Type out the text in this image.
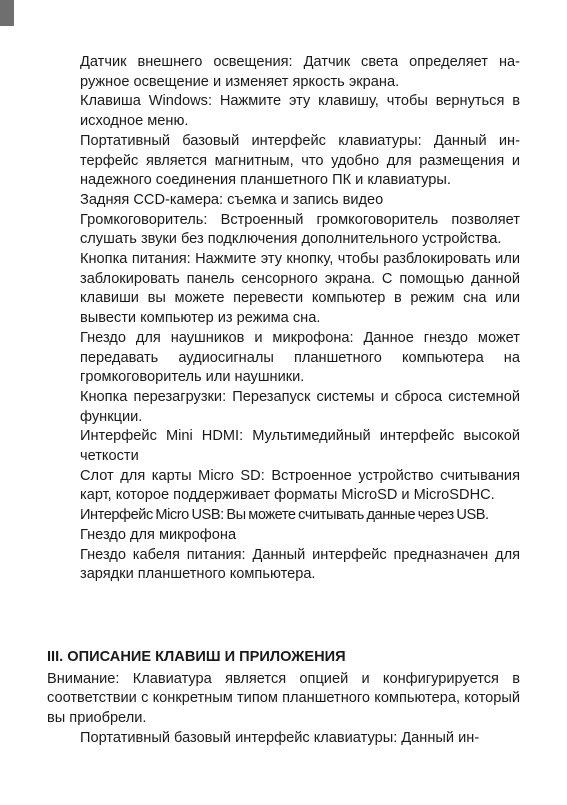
Датчик внешнего освещения: Датчик света определяет наружное освещение и изменяет яркость экрана.

Клавиша Windows: Нажмите эту клавишу, чтобы вернуться в исходное меню.

Портативный базовый интерфейс клавиатуры: Данный интерфейс является магнитным, что удобно для размещения и надежного соединения планшетного ПК и клавиатуры.

Задняя CCD-камера: съемка и запись видео

Громкоговоритель: Встроенный громкоговоритель позволяет слушать звуки без подключения дополнительного устройства.

Кнопка питания: Нажмите эту кнопку, чтобы разблокировать или заблокировать панель сенсорного экрана. С помощью данной клавиши вы можете перевести компьютер в режим сна или вывести компьютер из режима сна.

Гнездо для наушников и микрофона: Данное гнездо может передавать аудиосигналы планшетного компьютера на громкоговоритель или наушники.

Кнопка перезагрузки: Перезапуск системы и сброса системной функции.

Интерфейс Mini HDMI: Мультимедийный интерфейс высокой четкости

Слот для карты Micro SD: Встроенное устройство считывания карт, которое поддерживает форматы MicroSD и MicroSDHC.

Интерфейс Micro USB: Вы можете считывать данные через USB.

Гнездо для микрофона

Гнездо кабеля питания: Данный интерфейс предназначен для зарядки планшетного компьютера.

III. ОПИСАНИЕ КЛАВИШ И ПРИЛОЖЕНИЯ

Внимание: Клавиатура является опцией и конфигурируется в соответствии с конкретным типом планшетного компьютера, который вы приобрели.

Портативный базовый интерфейс клавиатуры: Данный ин-
